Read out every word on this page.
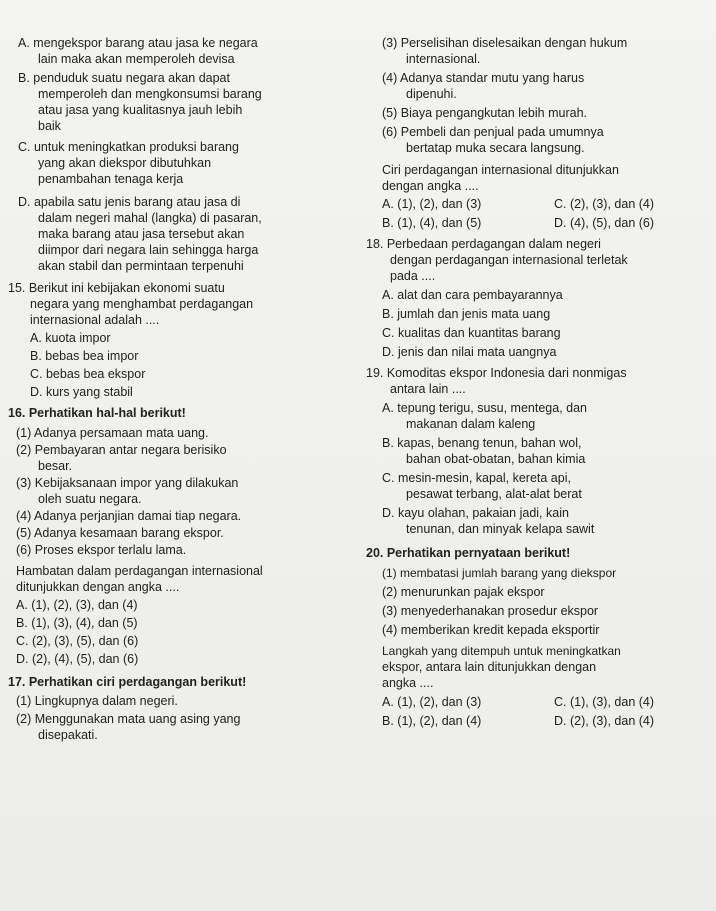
A. mengekspor barang atau jasa ke negara
lain maka akan memperoleh devisa
B. penduduk suatu negara akan dapat
memperoleh dan mengkonsumsi barang
atau jasa yang kualitasnya jauh lebih
baik
C. untuk meningkatkan produksi barang
yang akan diekspor dibutuhkan
penambahan tenaga kerja
D. apabila satu jenis barang atau jasa di
dalam negeri mahal (langka) di pasaran,
maka barang atau jasa tersebut akan
diimpor dari negara lain sehingga harga
akan stabil dan permintaan terpenuhi
15. Berikut ini kebijakan ekonomi suatu
negara yang menghambat perdagangan
internasional adalah ....
A. kuota impor
B. bebas bea impor
C. bebas bea ekspor
D. kurs yang stabil
16. Perhatikan hal-hal berikut!
(1) Adanya persamaan mata uang.
(2) Pembayaran antar negara berisiko
besar.
(3) Kebijaksanaan impor yang dilakukan
oleh suatu negara.
(4) Adanya perjanjian damai tiap negara.
(5) Adanya kesamaan barang ekspor.
(6) Proses ekspor terlalu lama.
Hambatan dalam perdagangan internasional
ditunjukkan dengan angka ....
A. (1), (2), (3), dan (4)
B. (1), (3), (4), dan (5)
C. (2), (3), (5), dan (6)
D. (2), (4), (5), dan (6)
17. Perhatikan ciri perdagangan berikut!
(1) Lingkupnya dalam negeri.
(2) Menggunakan mata uang asing yang
disepakati.
(3) Perselisihan diselesaikan dengan hukum
internasional.
(4) Adanya standar mutu yang harus
dipenuhi.
(5) Biaya pengangkutan lebih murah.
(6) Pembeli dan penjual pada umumnya
bertatap muka secara langsung.
Ciri perdagangan internasional ditunjukkan
dengan angka ....
A. (1), (2), dan (3)	C. (2), (3), dan (4)
B. (1), (4), dan (5)	D. (4), (5), dan (6)
18. Perbedaan perdagangan dalam negeri
dengan perdagangan internasional terletak
pada ....
A. alat dan cara pembayarannya
B. jumlah dan jenis mata uang
C. kualitas dan kuantitas barang
D. jenis dan nilai mata uangnya
19. Komoditas ekspor Indonesia dari nonmigas
antara lain ....
A. tepung terigu, susu, mentega, dan
makanan dalam kaleng
B. kapas, benang tenun, bahan wol,
bahan obat-obatan, bahan kimia
C. mesin-mesin, kapal, kereta api,
pesawat terbang, alat-alat berat
D. kayu olahan, pakaian jadi, kain
tenunan, dan minyak kelapa sawit
20. Perhatikan pernyataan berikut!
(1) membatasi jumlah barang yang diekspor
(2) menurunkan pajak ekspor
(3) menyederhanakan prosedur ekspor
(4) memberikan kredit kepada eksportir
Langkah yang ditempuh untuk meningkatkan
ekspor, antara lain ditunjukkan dengan
angka ....
A. (1), (2), dan (3)	C. (1), (3), dan (4)
B. (1), (2), dan (4)	D. (2), (3), dan (4)
